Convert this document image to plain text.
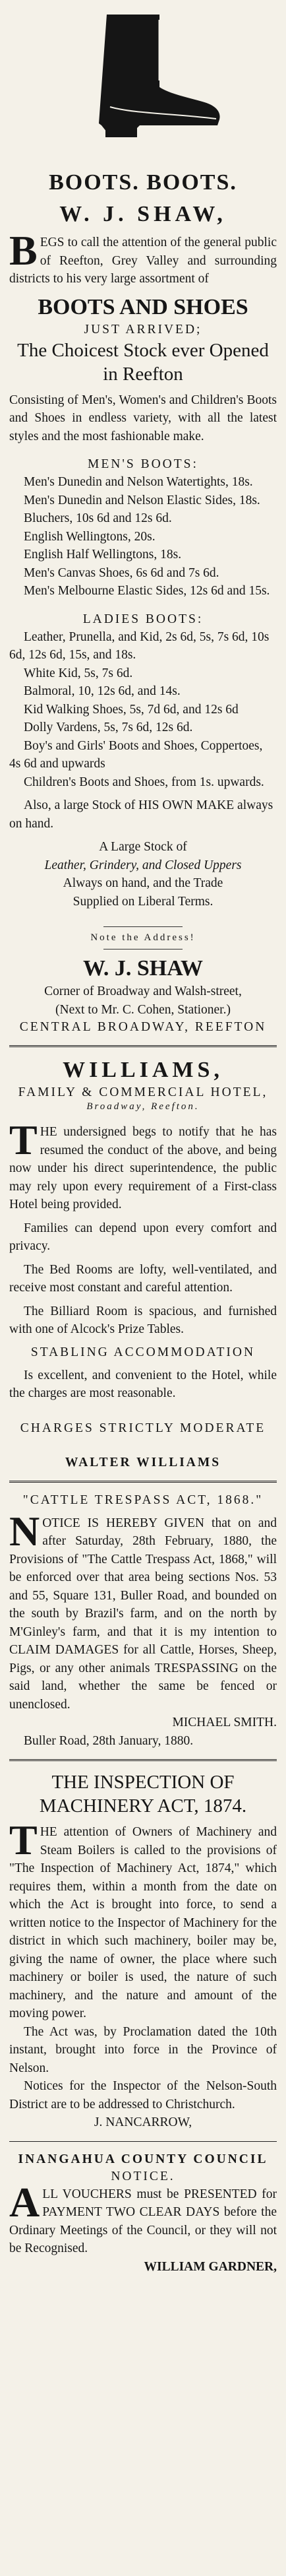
BOOTS. BOOTS.
W. J. SHAW,

BEGS to call the attention of the general public of Reefton, Grey Valley and surrounding districts to his very large assortment of

BOOTS AND SHOES

JUST ARRIVED;

The Choicest Stock ever Opened in Reefton

Consisting of Men's, Women's and Children's Boots and Shoes in endless variety, with all the latest styles and the most fashionable make.

MEN'S BOOTS:

Men's Dunedin and Nelson Watertights, 18s.

Men's Dunedin and Nelson Elastic Sides, 18s.

Bluchers, 10s 6d and 12s 6d.

English Wellingtons, 20s.

English Half Wellingtons, 18s.

Men's Canvas Shoes, 6s 6d and 7s 6d.

Men's Melbourne Elastic Sides, 12s 6d and 15s.

LADIES BOOTS:

Leather, Prunella, and Kid, 2s 6d, 5s, 7s 6d, 10s 6d, 12s 6d, 15s, and 18s.

White Kid, 5s, 7s 6d.

Balmoral, 10, 12s 6d, and 14s.

Kid Walking Shoes, 5s, 7d 6d, and 12s 6d

Dolly Vardens, 5s, 7s 6d, 12s 6d.

Boy's and Girls' Boots and Shoes, Coppertoes, 4s 6d and upwards

Children's Boots and Shoes, from 1s. upwards.

Also, a large Stock of HIS OWN MAKE always on hand.

A Large Stock of

Leather, Grindery, and Closed Uppers

Always on hand, and the Trade

Supplied on Liberal Terms.

Note the Address!

W. J. SHAW

Corner of Broadway and Walsh-street,

(Next to Mr. C. Cohen, Stationer.)

CENTRAL BROADWAY, REEFTON

WILLIAMS,

FAMILY & COMMERCIAL HOTEL,

Broadway, Reefton.

THE undersigned begs to notify that he has resumed the conduct of the above, and being now under his direct superintendence, the public may rely upon every requirement of a First-class Hotel being provided.

Families can depend upon every comfort and privacy.

The Bed Rooms are lofty, well-ventilated, and receive most constant and careful attention.

The Billiard Room is spacious, and furnished with one of Alcock's Prize Tables.

STABLING ACCOMMODATION

Is excellent, and convenient to the Hotel, while the charges are most reasonable.

CHARGES STRICTLY MODERATE

WALTER WILLIAMS

"CATTLE TRESPASS ACT, 1868."

NOTICE IS HEREBY GIVEN that on and after Saturday, 28th February, 1880, the Provisions of "The Cattle Trespass Act, 1868," will be enforced over that area being sections Nos. 53 and 55, Square 131, Buller Road, and bounded on the south by Brazil's farm, and on the north by M'Ginley's farm, and that it is my intention to CLAIM DAMAGES for all Cattle, Horses, Sheep, Pigs, or any other animals TRESPASSING on the said land, whether the same be fenced or unenclosed.

MICHAEL SMITH.

Buller Road, 28th January, 1880.

THE INSPECTION OF MACHINERY ACT, 1874.

THE attention of Owners of Machinery and Steam Boilers is called to the provisions of "The Inspection of Machinery Act, 1874," which requires them, within a month from the date on which the Act is brought into force, to send a written notice to the Inspector of Machinery for the district in which such machinery, boiler may be, giving the name of owner, the place where such machinery or boiler is used, the nature of such machinery, and the nature and amount of the moving power.

The Act was, by Proclamation dated the 10th instant, brought into force in the Province of Nelson.

Notices for the Inspector of the Nelson-South District are to be addressed to Christchurch.

J. NANCARROW,

INANGAHUA COUNTY COUNCIL

NOTICE.

ALL VOUCHERS must be PRESENTED for PAYMENT TWO CLEAR DAYS before the Ordinary Meetings of the Council, or they will not be Recognised.

WILLIAM GARDNER,
